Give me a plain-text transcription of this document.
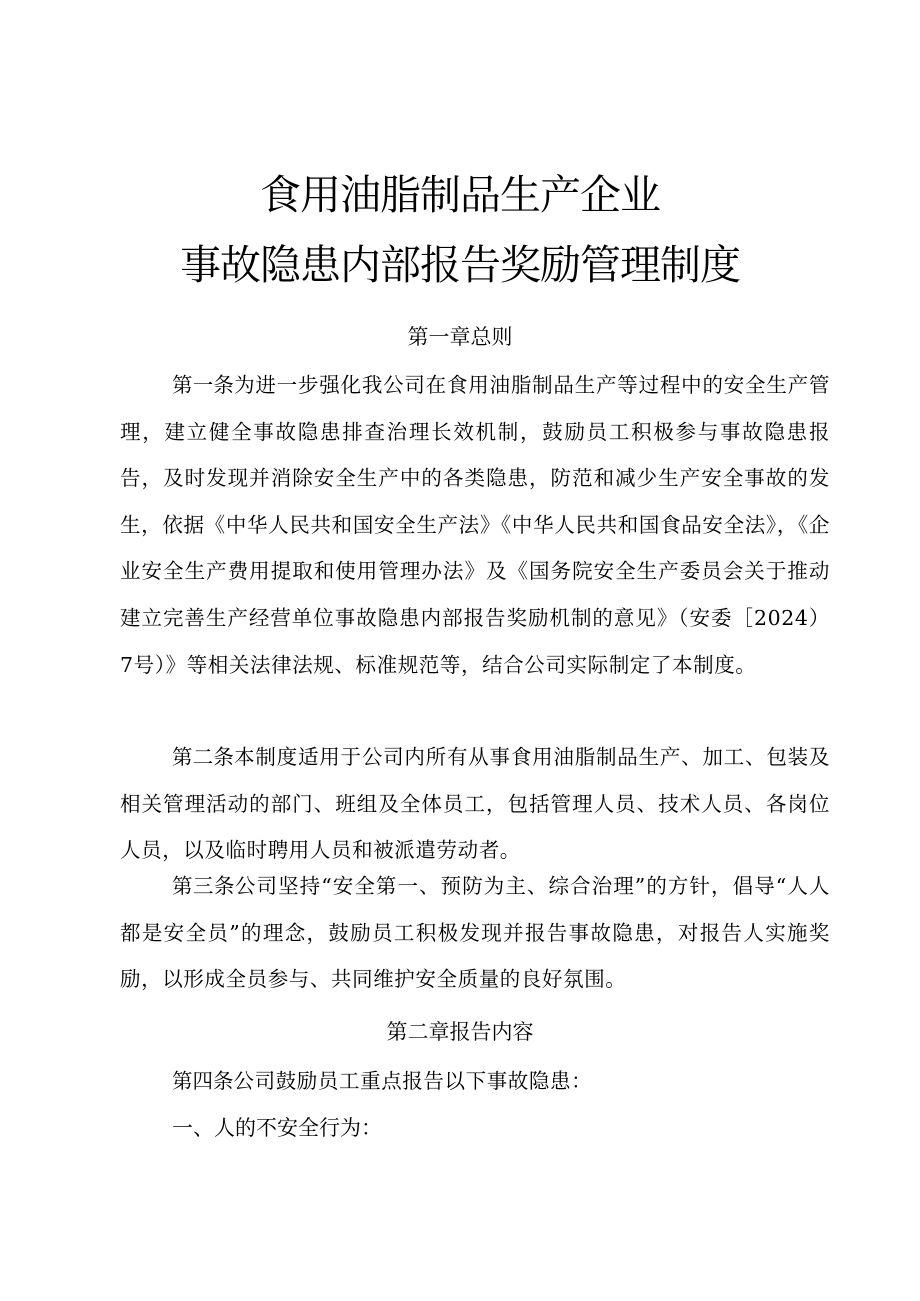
食用油脂制品生产企业
事故隐患内部报告奖励管理制度
第一章总则
第一条为进一步强化我公司在食用油脂制品生产等过程中的安全生产管理，建立健全事故隐患排查治理长效机制，鼓励员工积极参与事故隐患报告，及时发现并消除安全生产中的各类隐患，防范和减少生产安全事故的发生，依据《中华人民共和国安全生产法》《中华人民共和国食品安全法》，《企业安全生产费用提取和使用管理办法》及《国务院安全生产委员会关于推动建立完善生产经营单位事故隐患内部报告奖励机制的意见》（安委［2024）7号）》等相关法律法规、标准规范等，结合公司实际制定了本制度。
第二条本制度适用于公司内所有从事食用油脂制品生产、加工、包装及相关管理活动的部门、班组及全体员工，包括管理人员、技术人员、各岗位人员，以及临时聘用人员和被派遣劳动者。
第三条公司坚持“安全第一、预防为主、综合治理”的方针，倡导“人人都是安全员”的理念，鼓励员工积极发现并报告事故隐患，对报告人实施奖励，以形成全员参与、共同维护安全质量的良好氛围。
第二章报告内容
第四条公司鼓励员工重点报告以下事故隐患：
一、人的不安全行为：
